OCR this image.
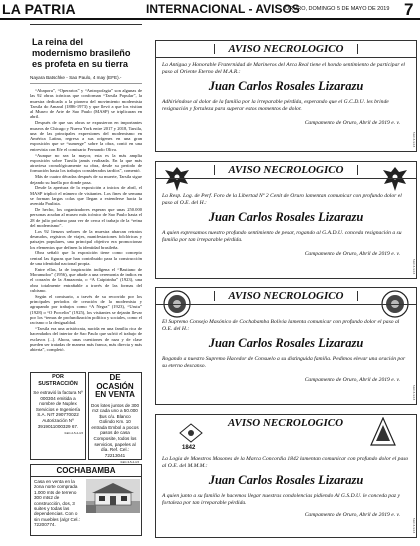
LA PATRIA	INTERNACIONAL - AVISOS
ORURO, DOMINGO 5 DE MAYO DE 2019 7
La reina del modernismo brasileño es profeta en su tierra
Nayara Batschke - Sao Paulo, 4 may (EFE).-

“Abaporu”, “Operarios” y “Antropofagia” son algunas de las 92 obras icónicas que conforman “Tarsila Popular”, la muestra dedicada a la pionera del movimiento modernista Tarsila do Amaral (1886-1973) y que llevó a que los visitan al Museo de Arte de Sao Paulo (MASP) se triplicaran en abril.

Después de que sus obras se expusieron en importantes museos de Chicago y Nueva York entre 2017 y 2018, Tarsila, una de las principales expresiones del modernismo en América Latina, regresa a sus orígenes en una gran exposición que se “sumerge” sobre la obra, contó en una entrevista con Efe el comisario Fernando Oliva.

“Aunque no sea la mayor, esta es la más amplia exposición sobre Tarsila jamás realizada. En la que más atraviesa cronológicamente su obra, desde su período de formación hasta los trabajos considerados tardíos”, comentó.

Más de cuatro décadas después de su muerte, Tarsila sigue dejando su huella por donde pasa.

Desde la apertura de la exposición a inicios de abril, el MASP triplicó el número de visitantes. Los fines de semana se forman largas colas que llegan a extenderse hacia la avenida Paulista.

De hecho, los organizadores esperan que unas 250.000 personas acudan al museo más icónico de Sao Paulo hasta el 28 de julio próximo para ver de cerca el trabajo de la “reina del modernismo”.

Los 92 lienzos señores de la muestra abarcan retratos desnudos, registros de viajes, manifestaciones folclóricas y paisajes populares, una principal objetivo era promocionar los elementos que definen la identidad brasileña.

Obra señaló que la exposición tiene como concepto central las figuras que han contribuido para la construcción de una identidad nacional propia.

Entre ellas, la de inspiración indígena el “Bastiano de Moranudoo” (1956), que añade a una ceremonia de indios en el corazón de la Amazonia, o “A Caipirinha” (1923), una obra totalmente entrañable a través de las formas del cubismo.

Según el comisario, a través de su recorrido por los principales períodos de creación de la modernista y agrupando por trabajos como “A Negra” (1923), “Urutu” (1928) o “O Porcelin” (1925), los visitantes se dejarán llevar por los “temas de profundización política y sociales, como el racismo o la desigualdad.

“Tarsila era una aristócrata, nacida en una familia rica de hacendados del interior de Sao Paulo que sufrió el trabajo de esclavos (...). Ahora, unas cuestiones de raza y de clase pueden ser tratadas de manera más franca, más directa y más abierta”, completó.

POR SUSTRACCIÓN
Se extravió la factura Nº 000304 emitida a nombre de Nuplex Servicios e Ingeniería S.A. NIT 290770022 Autorización Nº 3919011000329 67.
3-EC-2-5-4-4-5
DE OCASIÓN EN VENTA
Dos lotes juntos de 300 m2 cada uno a 50.000 $us c/u. Blanco Golindo Km. 10 entrada Embol a pocos pasos de casa Composite, todos los servicios, papeles al día. Ref. Cel.: 72213041
3-EC-3-5-4-4-5
COCHABAMBA
Casa en venta en la zona norte comprada 1.000 mts de terreno 300 mts2 de construcción, dos, 3 suites y todas las dependencias. Con o sin muebles (a/gr Cel.: 72200774.
AVISO NECROLOGICO
La Antigua y Honorable Fraternidad de Marineros del Arca Real tiene el hondo sentimiento de participar el paso al Oriente Eterno del M.A.R.:
Juan Carlos Rosales Lizarazu
Adhiriéndose al dolor de la familia por la irreparable pérdida, esperando que el G.C.D.U. les brinde resignación y fortaleza para superar estos momentos de dolor.
Campamento de Oruro, Abril de 2019 e. v.
5-EC-5-4-4-5
AVISO NECROLOGICO
La Resp. Log. de Perf. Foro de la Libertad Nº 2 Cenit de Oruro lamentan comunicar con profundo dolor el paso al O.E. del H.:
Juan Carlos Rosales Lizarazu
A quien expresamos nuestro profundo sentimiento de pesar, rogando al G.A.D.U. conceda resignación a su familia por tan irreparable pérdida.
Campamento de Oruro, Abril de 2019 e. v.
5-EC-5-4-4-5
AVISO NECROLOGICO
El Supremo Consejo Masónico de Cochabamba Bolivia lamenta comunicar con profundo dolor el paso al O.E. del H.:
Juan Carlos Rosales Lizarazu
Rogando a nuestro Supremo Hacedor de Consuelo a su distinguida familia. Pedimos elevar una oración por su eterno descanso.
Campamento de Oruro, Abril de 2019 e. v.
5-EC-5-4-4-5
AVISO NECROLOGICO
1842
La Logia de Maestros Masones de la Marca Concordia 1842 lamentan comunicar con profundo dolor el paso al O.E. del M.M.M.:
Juan Carlos Rosales Lizarazu
A quien junto a su familia le hacemos llegar nuestras condolencias pidiendo Al G.S.D.U. le conceda paz y fortaleza por tan irreparable pérdida.
Campamento de Oruro, Abril de 2019 e. v.
5-EC-5-4-4-5
